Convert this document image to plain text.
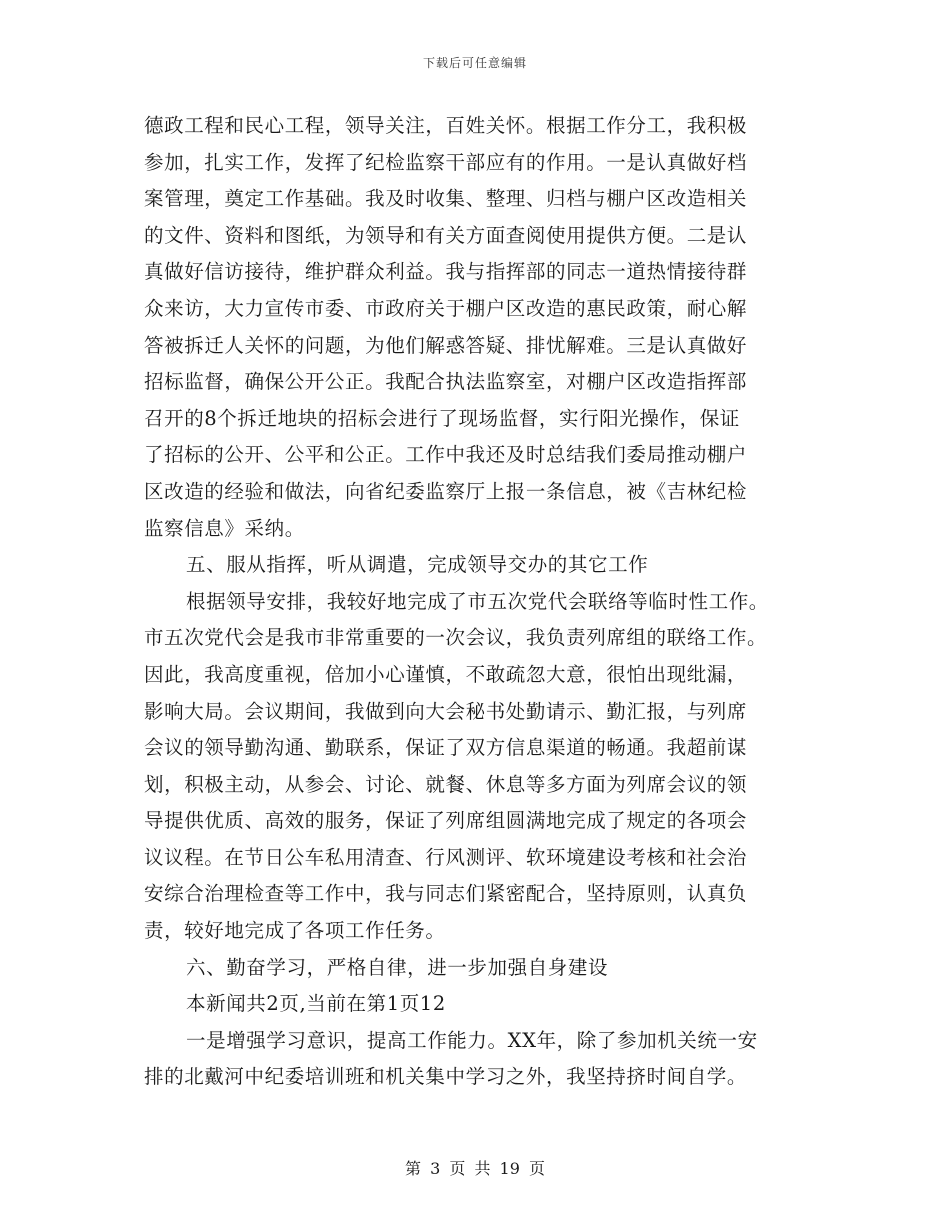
下载后可任意编辑
德政工程和民心工程，领导关注，百姓关怀。根据工作分工，我积极
参加，扎实工作，发挥了纪检监察干部应有的作用。一是认真做好档
案管理，奠定工作基础。我及时收集、整理、归档与棚户区改造相关
的文件、资料和图纸，为领导和有关方面查阅使用提供方便。二是认
真做好信访接待，维护群众利益。我与指挥部的同志一道热情接待群
众来访，大力宣传市委、市政府关于棚户区改造的惠民政策，耐心解
答被拆迁人关怀的问题，为他们解惑答疑、排忧解难。三是认真做好
招标监督，确保公开公正。我配合执法监察室，对棚户区改造指挥部
召开的8个拆迁地块的招标会进行了现场监督，实行阳光操作，保证
了招标的公开、公平和公正。工作中我还及时总结我们委局推动棚户
区改造的经验和做法，向省纪委监察厅上报一条信息，被《吉林纪检
监察信息》采纳。
五、服从指挥，听从调遣，完成领导交办的其它工作
根据领导安排，我较好地完成了市五次党代会联络等临时性工作。
市五次党代会是我市非常重要的一次会议，我负责列席组的联络工作。
因此，我高度重视，倍加小心谨慎，不敢疏忽大意，很怕出现纰漏，
影响大局。会议期间，我做到向大会秘书处勤请示、勤汇报，与列席
会议的领导勤沟通、勤联系，保证了双方信息渠道的畅通。我超前谋
划，积极主动，从参会、讨论、就餐、休息等多方面为列席会议的领
导提供优质、高效的服务，保证了列席组圆满地完成了规定的各项会
议议程。在节日公车私用清查、行风测评、软环境建设考核和社会治
安综合治理检查等工作中，我与同志们紧密配合，坚持原则，认真负
责，较好地完成了各项工作任务。
六、勤奋学习，严格自律，进一步加强自身建设
本新闻共2页,当前在第1页12
一是增强学习意识，提高工作能力。XX年，除了参加机关统一安
排的北戴河中纪委培训班和机关集中学习之外，我坚持挤时间自学。
第 3 页 共 19 页
